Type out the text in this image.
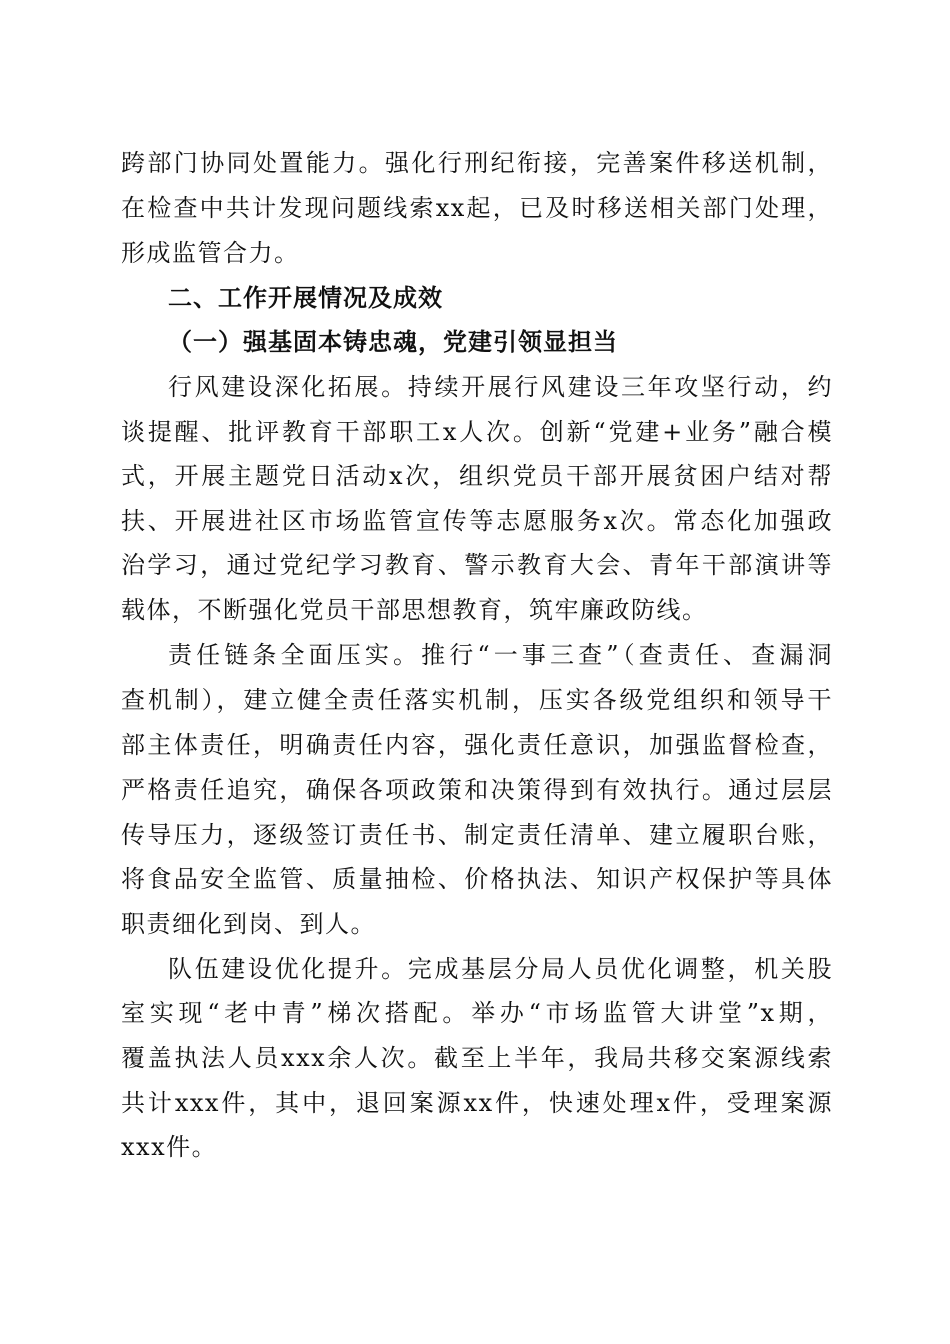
跨部门协同处置能力。强化行刑纪衔接，完善案件移送机制，
在检查中共计发现问题线索xx起，已及时移送相关部门处理，
形成监管合力。
二、工作开展情况及成效
（一）强基固本铸忠魂，党建引领显担当
行风建设深化拓展。持续开展行风建设三年攻坚行动，约
谈提醒、批评教育干部职工x人次。创新“党建+业务”融合模
式，开展主题党日活动x次，组织党员干部开展贫困户结对帮
扶、开展进社区市场监管宣传等志愿服务x次。常态化加强政
治学习，通过党纪学习教育、警示教育大会、青年干部演讲等
载体，不断强化党员干部思想教育，筑牢廉政防线。
责任链条全面压实。推行“一事三查”（查责任、查漏洞
查机制），建立健全责任落实机制，压实各级党组织和领导干
部主体责任，明确责任内容，强化责任意识，加强监督检查，
严格责任追究，确保各项政策和决策得到有效执行。通过层层
传导压力，逐级签订责任书、制定责任清单、建立履职台账，
将食品安全监管、质量抽检、价格执法、知识产权保护等具体
职责细化到岗、到人。
队伍建设优化提升。完成基层分局人员优化调整，机关股
室实现“老中青”梯次搭配。举办“市场监管大讲堂”x期，
覆盖执法人员xxx余人次。截至上半年，我局共移交案源线索
共计xxx件，其中，退回案源xx件，快速处理x件，受理案源
xxx件。
